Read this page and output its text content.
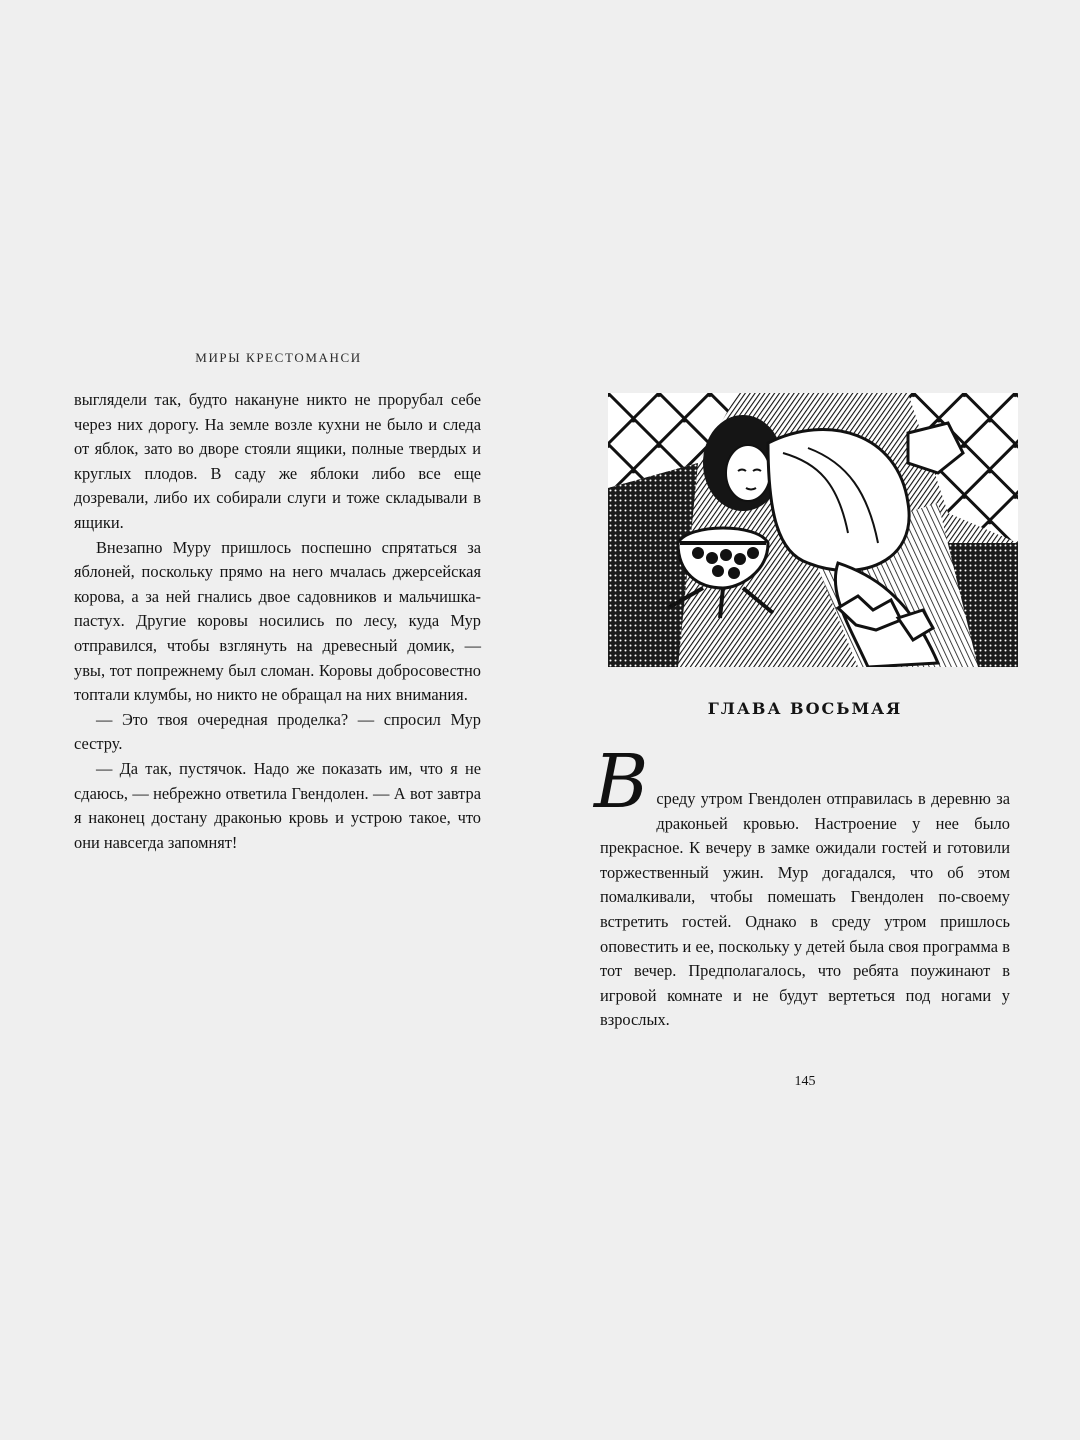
МИРЫ КРЕСТОМАНСИ

выглядели так, будто накануне никто не прорубал себе через них дорогу. На земле возле кухни не было и следа от яблок, зато во дворе стояли ящики, полные твердых и круглых плодов. В саду же яблоки либо все еще дозревали, либо их собирали слуги и тоже складывали в ящики.

Внезапно Муру пришлось поспешно спрятаться за яблоней, поскольку прямо на него мчалась джерсейская корова, а за ней гнались двое садовников и мальчишка-пастух. Другие коровы носились по лесу, куда Мур отправился, чтобы взглянуть на древесный домик, — увы, тот попрежнему был сломан. Коровы добросовестно топтали клумбы, но никто не обращал на них внимания.

— Это твоя очередная проделка? — спросил Мур сестру.

— Да так, пустячок. Надо же показать им, что я не сдаюсь, — небрежно ответила Гвендолен. — А вот завтра я наконец достану драконью кровь и устрою такое, что они навсегда запомнят!

ГЛАВА ВОСЬМАЯ

В среду утром Гвендолен отправилась в деревню за драконьей кровью. Настроение у нее было прекрасное. К вечеру в замке ожидали гостей и готовили торжественный ужин. Мур догадался, что об этом помалкивали, чтобы помешать Гвендолен по-своему встретить гостей. Однако в среду утром пришлось оповестить и ее, поскольку у детей была своя программа в тот вечер. Предполагалось, что ребята поужинают в игровой комнате и не будут вертеться под ногами у взрослых.

145
